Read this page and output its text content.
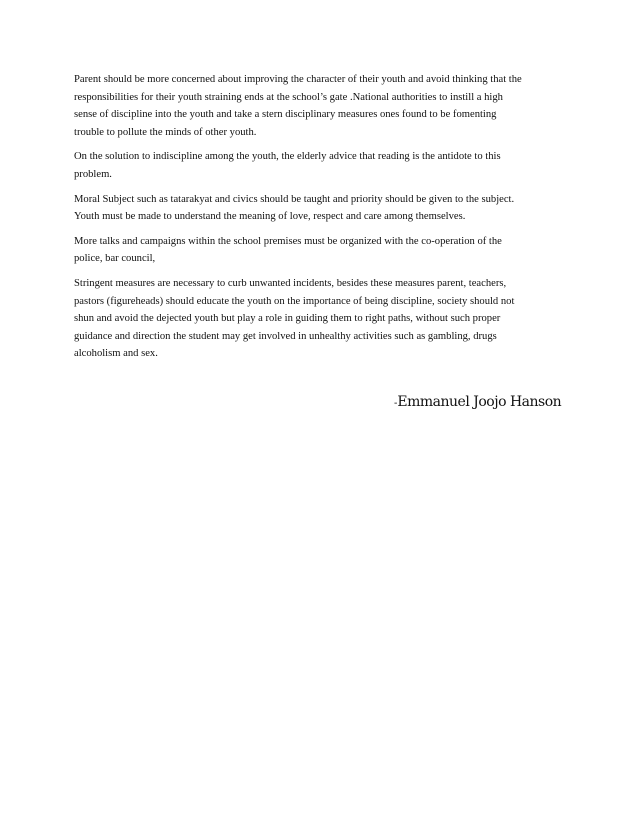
Parent should be more concerned about improving the character of their youth and avoid thinking that the
responsibilities for their youth straining ends at the school’s gate .National authorities to instill a high
sense of discipline into the youth and take a stern disciplinary measures ones found to be fomenting
trouble to pollute the minds of other youth.

On the solution to indiscipline among the youth, the elderly advice that reading is the antidote to this
problem.

Moral Subject such as tatarakyat and civics should be taught and priority should be given to the subject.
Youth must be made to understand the meaning of love, respect and care among themselves.

More talks and campaigns within the school premises must be organized with the co-operation of the
police, bar council,

Stringent measures are necessary to curb unwanted incidents, besides these measures parent, teachers,
pastors (figureheads) should educate the youth on the importance of being discipline, society should not
shun and avoid the dejected youth but play a role in guiding them to right paths, without such proper
guidance and direction the student may get involved in unhealthy activities such as gambling, drugs
alcoholism and sex.

-Emmanuel Joojo Hanson
